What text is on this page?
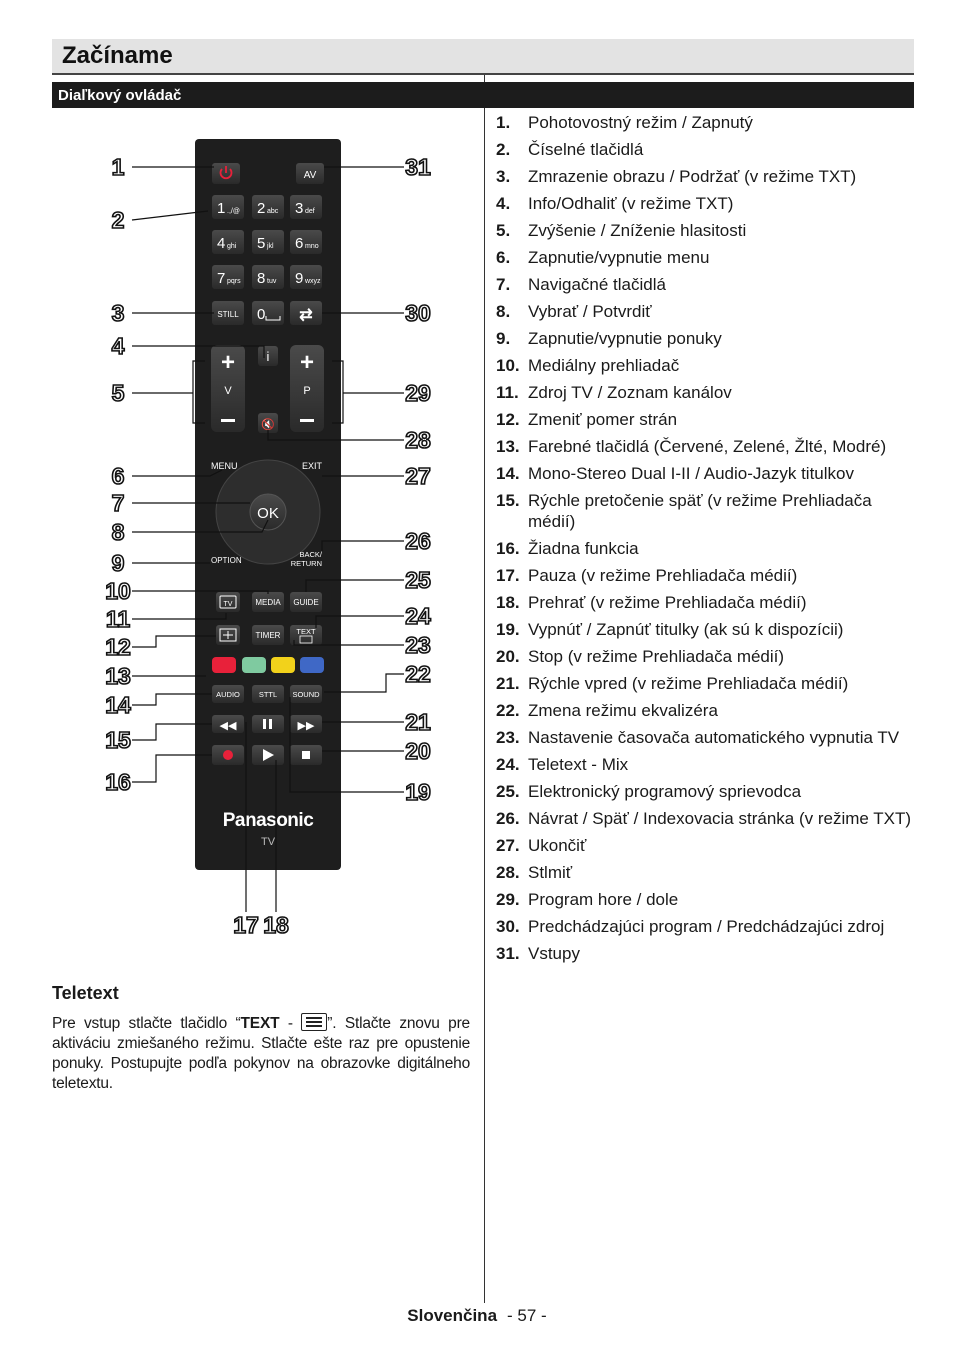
Začíname
Diaľkový ovládač
AV
1 .,/@ 2 abc 3 def
4 ghi 5 jkl 6 mno
7 pqrs 8 tuv 9 wxyz
0
STILL	⇄
+
V
+
P
i
🔇
OK
MENU	EXIT
OPTION
BACK/
RETURN
TV	MEDIA GUIDE
TIMER TEXT
AUDIO	STTL SOUND
◀◀	▶▶
Panasonic
TV
1
2
3
4
5
6
7
8
9
10
11
12
13
14
15
16
17 18
19
20
21
22
23
24
25
26
27
28
29
30
31
1.	Pohotovostný režim / Zapnutý
2.	Číselné tlačidlá
3.	Zmrazenie obrazu / Podržať (v režime TXT)
4.	Info/Odhaliť (v režime TXT)
5.	Zvýšenie / Zníženie hlasitosti
6.	Zapnutie/vypnutie menu
7.	Navigačné tlačidlá
8.	Vybrať / Potvrdiť
9.	Zapnutie/vypnutie ponuky
10. Mediálny prehliadač
11. Zdroj TV / Zoznam kanálov
12. Zmeniť pomer strán
13. Farebné tlačidlá (Červené, Zelené, Žlté, Modré)
14. Mono-Stereo Dual I-II / Audio-Jazyk titulkov
15. Rýchle pretočenie späť (v režime Prehliadača médií)
16. Žiadna funkcia
17. Pauza (v režime Prehliadača médií)
18. Prehrať (v režime Prehliadača médií)
19. Vypnúť / Zapnúť titulky (ak sú k dispozícii)
20. Stop (v režime Prehliadača médií)
21. Rýchle vpred (v režime Prehliadača médií)
22. Zmena režimu ekvalizéra
23. Nastavenie časovača automatického vypnutia TV
24. Teletext - Mix
25. Elektronický programový sprievodca
26. Návrat / Späť / Indexovacia stránka (v režime TXT)
27. Ukončiť
28. Stlmiť
29. Program hore / dole
30. Predchádzajúci program / Predchádzajúci zdroj
31. Vstupy
Teletext
Pre vstup stlačte tlačidlo “TEXT -
”. Stlačte znovu pre aktiváciu zmiešaného režimu. Stlačte ešte raz pre opustenie ponuky. Postupujte podľa pokynov na obrazovke digitálneho teletextu.
Slovenčina - 57 -
